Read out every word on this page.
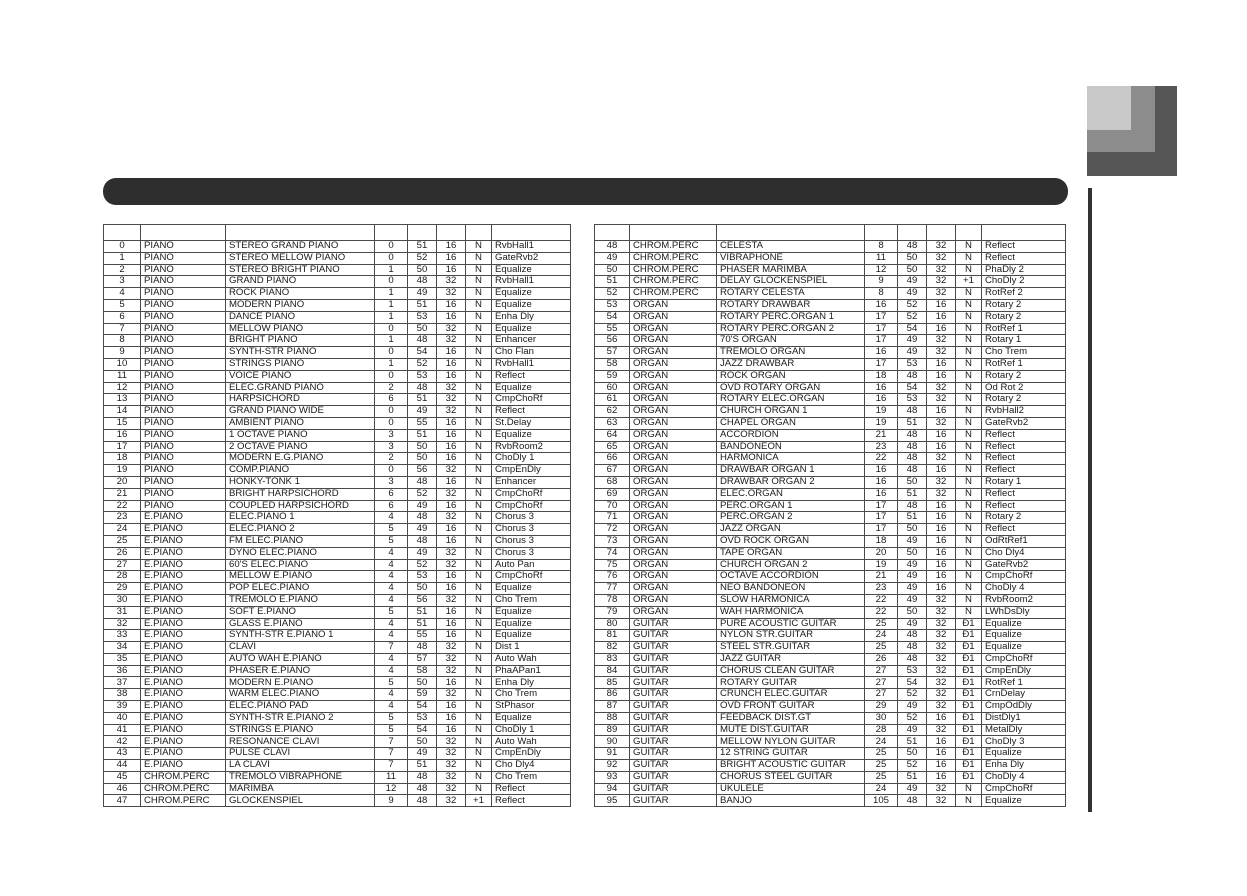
0	PIANO	STEREO GRAND PIANO	0	51	16	N	RvbHall1
1	PIANO	STEREO MELLOW PIANO	0	52	16	N	GateRvb2
2	PIANO	STEREO BRIGHT PIANO	1	50	16	N	Equalize
3	PIANO	GRAND PIANO	0	48	32	N	RvbHall1
4	PIANO	ROCK PIANO	1	49	32	N	Equalize
5	PIANO	MODERN PIANO	1	51	16	N	Equalize
6	PIANO	DANCE PIANO	1	53	16	N	Enha Dly
7	PIANO	MELLOW PIANO	0	50	32	N	Equalize
8	PIANO	BRIGHT PIANO	1	48	32	N	Enhancer
9	PIANO	SYNTH-STR PIANO	0	54	16	N	Cho Flan
10	PIANO	STRINGS PIANO	1	52	16	N	RvbHall1
11	PIANO	VOICE PIANO	0	53	16	N	Reflect
12	PIANO	ELEC.GRAND PIANO	2	48	32	N	Equalize
13	PIANO	HARPSICHORD	6	51	32	N	CmpChoRf
14	PIANO	GRAND PIANO WIDE	0	49	32	N	Reflect
15	PIANO	AMBIENT PIANO	0	55	16	N	St.Delay
16	PIANO	1 OCTAVE PIANO	3	51	16	N	Equalize
17	PIANO	2 OCTAVE PIANO	3	50	16	N	RvbRoom2
18	PIANO	MODERN E.G.PIANO	2	50	16	N	ChoDly 1
19	PIANO	COMP.PIANO	0	56	32	N	CmpEnDly
20	PIANO	HONKY-TONK 1	3	48	16	N	Enhancer
21	PIANO	BRIGHT HARPSICHORD	6	52	32	N	CmpChoRf
22	PIANO	COUPLED HARPSICHORD	6	49	16	N	CmpChoRf
23	E.PIANO	ELEC.PIANO 1	4	48	32	N	Chorus 3
24	E.PIANO	ELEC.PIANO 2	5	49	16	N	Chorus 3
25	E.PIANO	FM ELEC.PIANO	5	48	16	N	Chorus 3
26	E.PIANO	DYNO ELEC.PIANO	4	49	32	N	Chorus 3
27	E.PIANO	60'S ELEC.PIANO	4	52	32	N	Auto Pan
28	E.PIANO	MELLOW E.PIANO	4	53	16	N	CmpChoRf
29	E.PIANO	POP ELEC.PIANO	4	50	16	N	Equalize
30	E.PIANO	TREMOLO E.PIANO	4	56	32	N	Cho Trem
31	E.PIANO	SOFT E.PIANO	5	51	16	N	Equalize
32	E.PIANO	GLASS E.PIANO	4	51	16	N	Equalize
33	E.PIANO	SYNTH-STR E.PIANO 1	4	55	16	N	Equalize
34	E.PIANO	CLAVI	7	48	32	N	Dist 1
35	E.PIANO	AUTO WAH E.PIANO	4	57	32	N	Auto Wah
36	E.PIANO	PHASER E.PIANO	4	58	32	N	PhaAPan1
37	E.PIANO	MODERN E.PIANO	5	50	16	N	Enha Dly
38	E.PIANO	WARM ELEC.PIANO	4	59	32	N	Cho Trem
39	E.PIANO	ELEC.PIANO PAD	4	54	16	N	StPhasor
40	E.PIANO	SYNTH-STR E.PIANO 2	5	53	16	N	Equalize
41	E.PIANO	STRINGS E.PIANO	5	54	16	N	ChoDly 1
42	E.PIANO	RESONANCE CLAVI	7	50	32	N	Auto Wah
43	E.PIANO	PULSE CLAVI	7	49	32	N	CmpEnDly
44	E.PIANO	LA CLAVI	7	51	32	N	Cho Dly4
45	CHROM.PERC	TREMOLO VIBRAPHONE	11	48	32	N	Cho Trem
46	CHROM.PERC	MARIMBA	12	48	32	N	Reflect
47	CHROM.PERC	GLOCKENSPIEL	9	48	32	+1	Reflect

48	CHROM.PERC	CELESTA	8	48	32	N	Reflect
49	CHROM.PERC	VIBRAPHONE	11	50	32	N	Reflect
50	CHROM.PERC	PHASER MARIMBA	12	50	32	N	PhaDly 2
51	CHROM.PERC	DELAY GLOCKENSPIEL	9	49	32	+1	ChoDly 2
52	CHROM.PERC	ROTARY CELESTA	8	49	32	N	RotRef 2
53	ORGAN	ROTARY DRAWBAR	16	52	16	N	Rotary 2
54	ORGAN	ROTARY PERC.ORGAN 1	17	52	16	N	Rotary 2
55	ORGAN	ROTARY PERC.ORGAN 2	17	54	16	N	RotRef 1
56	ORGAN	70'S ORGAN	17	49	32	N	Rotary 1
57	ORGAN	TREMOLO ORGAN	16	49	32	N	Cho Trem
58	ORGAN	JAZZ DRAWBAR	17	53	16	N	RotRef 1
59	ORGAN	ROCK ORGAN	18	48	16	N	Rotary 2
60	ORGAN	OVD ROTARY ORGAN	16	54	32	N	Od Rot 2
61	ORGAN	ROTARY ELEC.ORGAN	16	53	32	N	Rotary 2
62	ORGAN	CHURCH ORGAN 1	19	48	16	N	RvbHall2
63	ORGAN	CHAPEL ORGAN	19	51	32	N	GateRvb2
64	ORGAN	ACCORDION	21	48	16	N	Reflect
65	ORGAN	BANDONEON	23	48	16	N	Reflect
66	ORGAN	HARMONICA	22	48	32	N	Reflect
67	ORGAN	DRAWBAR ORGAN 1	16	48	16	N	Reflect
68	ORGAN	DRAWBAR ORGAN 2	16	50	32	N	Rotary 1
69	ORGAN	ELEC.ORGAN	16	51	32	N	Reflect
70	ORGAN	PERC.ORGAN 1	17	48	16	N	Reflect
71	ORGAN	PERC.ORGAN 2	17	51	16	N	Rotary 2
72	ORGAN	JAZZ ORGAN	17	50	16	N	Reflect
73	ORGAN	OVD ROCK ORGAN	18	49	16	N	OdRtRef1
74	ORGAN	TAPE ORGAN	20	50	16	N	Cho Dly4
75	ORGAN	CHURCH ORGAN 2	19	49	16	N	GateRvb2
76	ORGAN	OCTAVE ACCORDION	21	49	16	N	CmpChoRf
77	ORGAN	NEO BANDONEON	23	49	16	N	ChoDly 4
78	ORGAN	SLOW HARMONICA	22	49	32	N	RvbRoom2
79	ORGAN	WAH HARMONICA	22	50	32	N	LWhDsDly
80	GUITAR	PURE ACOUSTIC GUITAR	25	49	32	Ð1	Equalize
81	GUITAR	NYLON STR.GUITAR	24	48	32	Ð1	Equalize
82	GUITAR	STEEL STR.GUITAR	25	48	32	Ð1	Equalize
83	GUITAR	JAZZ GUITAR	26	48	32	Ð1	CmpChoRf
84	GUITAR	CHORUS CLEAN GUITAR	27	53	32	Ð1	CmpEnDly
85	GUITAR	ROTARY GUITAR	27	54	32	Ð1	RotRef 1
86	GUITAR	CRUNCH ELEC.GUITAR	27	52	32	Ð1	CrnDelay
87	GUITAR	OVD FRONT GUITAR	29	49	32	Ð1	CmpOdDly
88	GUITAR	FEEDBACK DIST.GT	30	52	16	Ð1	DistDly1
89	GUITAR	MUTE DIST.GUITAR	28	49	32	Ð1	MetalDly
90	GUITAR	MELLOW NYLON GUITAR	24	51	16	Ð1	ChoDly 3
91	GUITAR	12 STRING GUITAR	25	50	16	Ð1	Equalize
92	GUITAR	BRIGHT ACOUSTIC GUITAR	25	52	16	Ð1	Enha Dly
93	GUITAR	CHORUS STEEL GUITAR	25	51	16	Ð1	ChoDly 4
94	GUITAR	UKULELE	24	49	32	N	CmpChoRf
95	GUITAR	BANJO	105	48	32	N	Equalize
